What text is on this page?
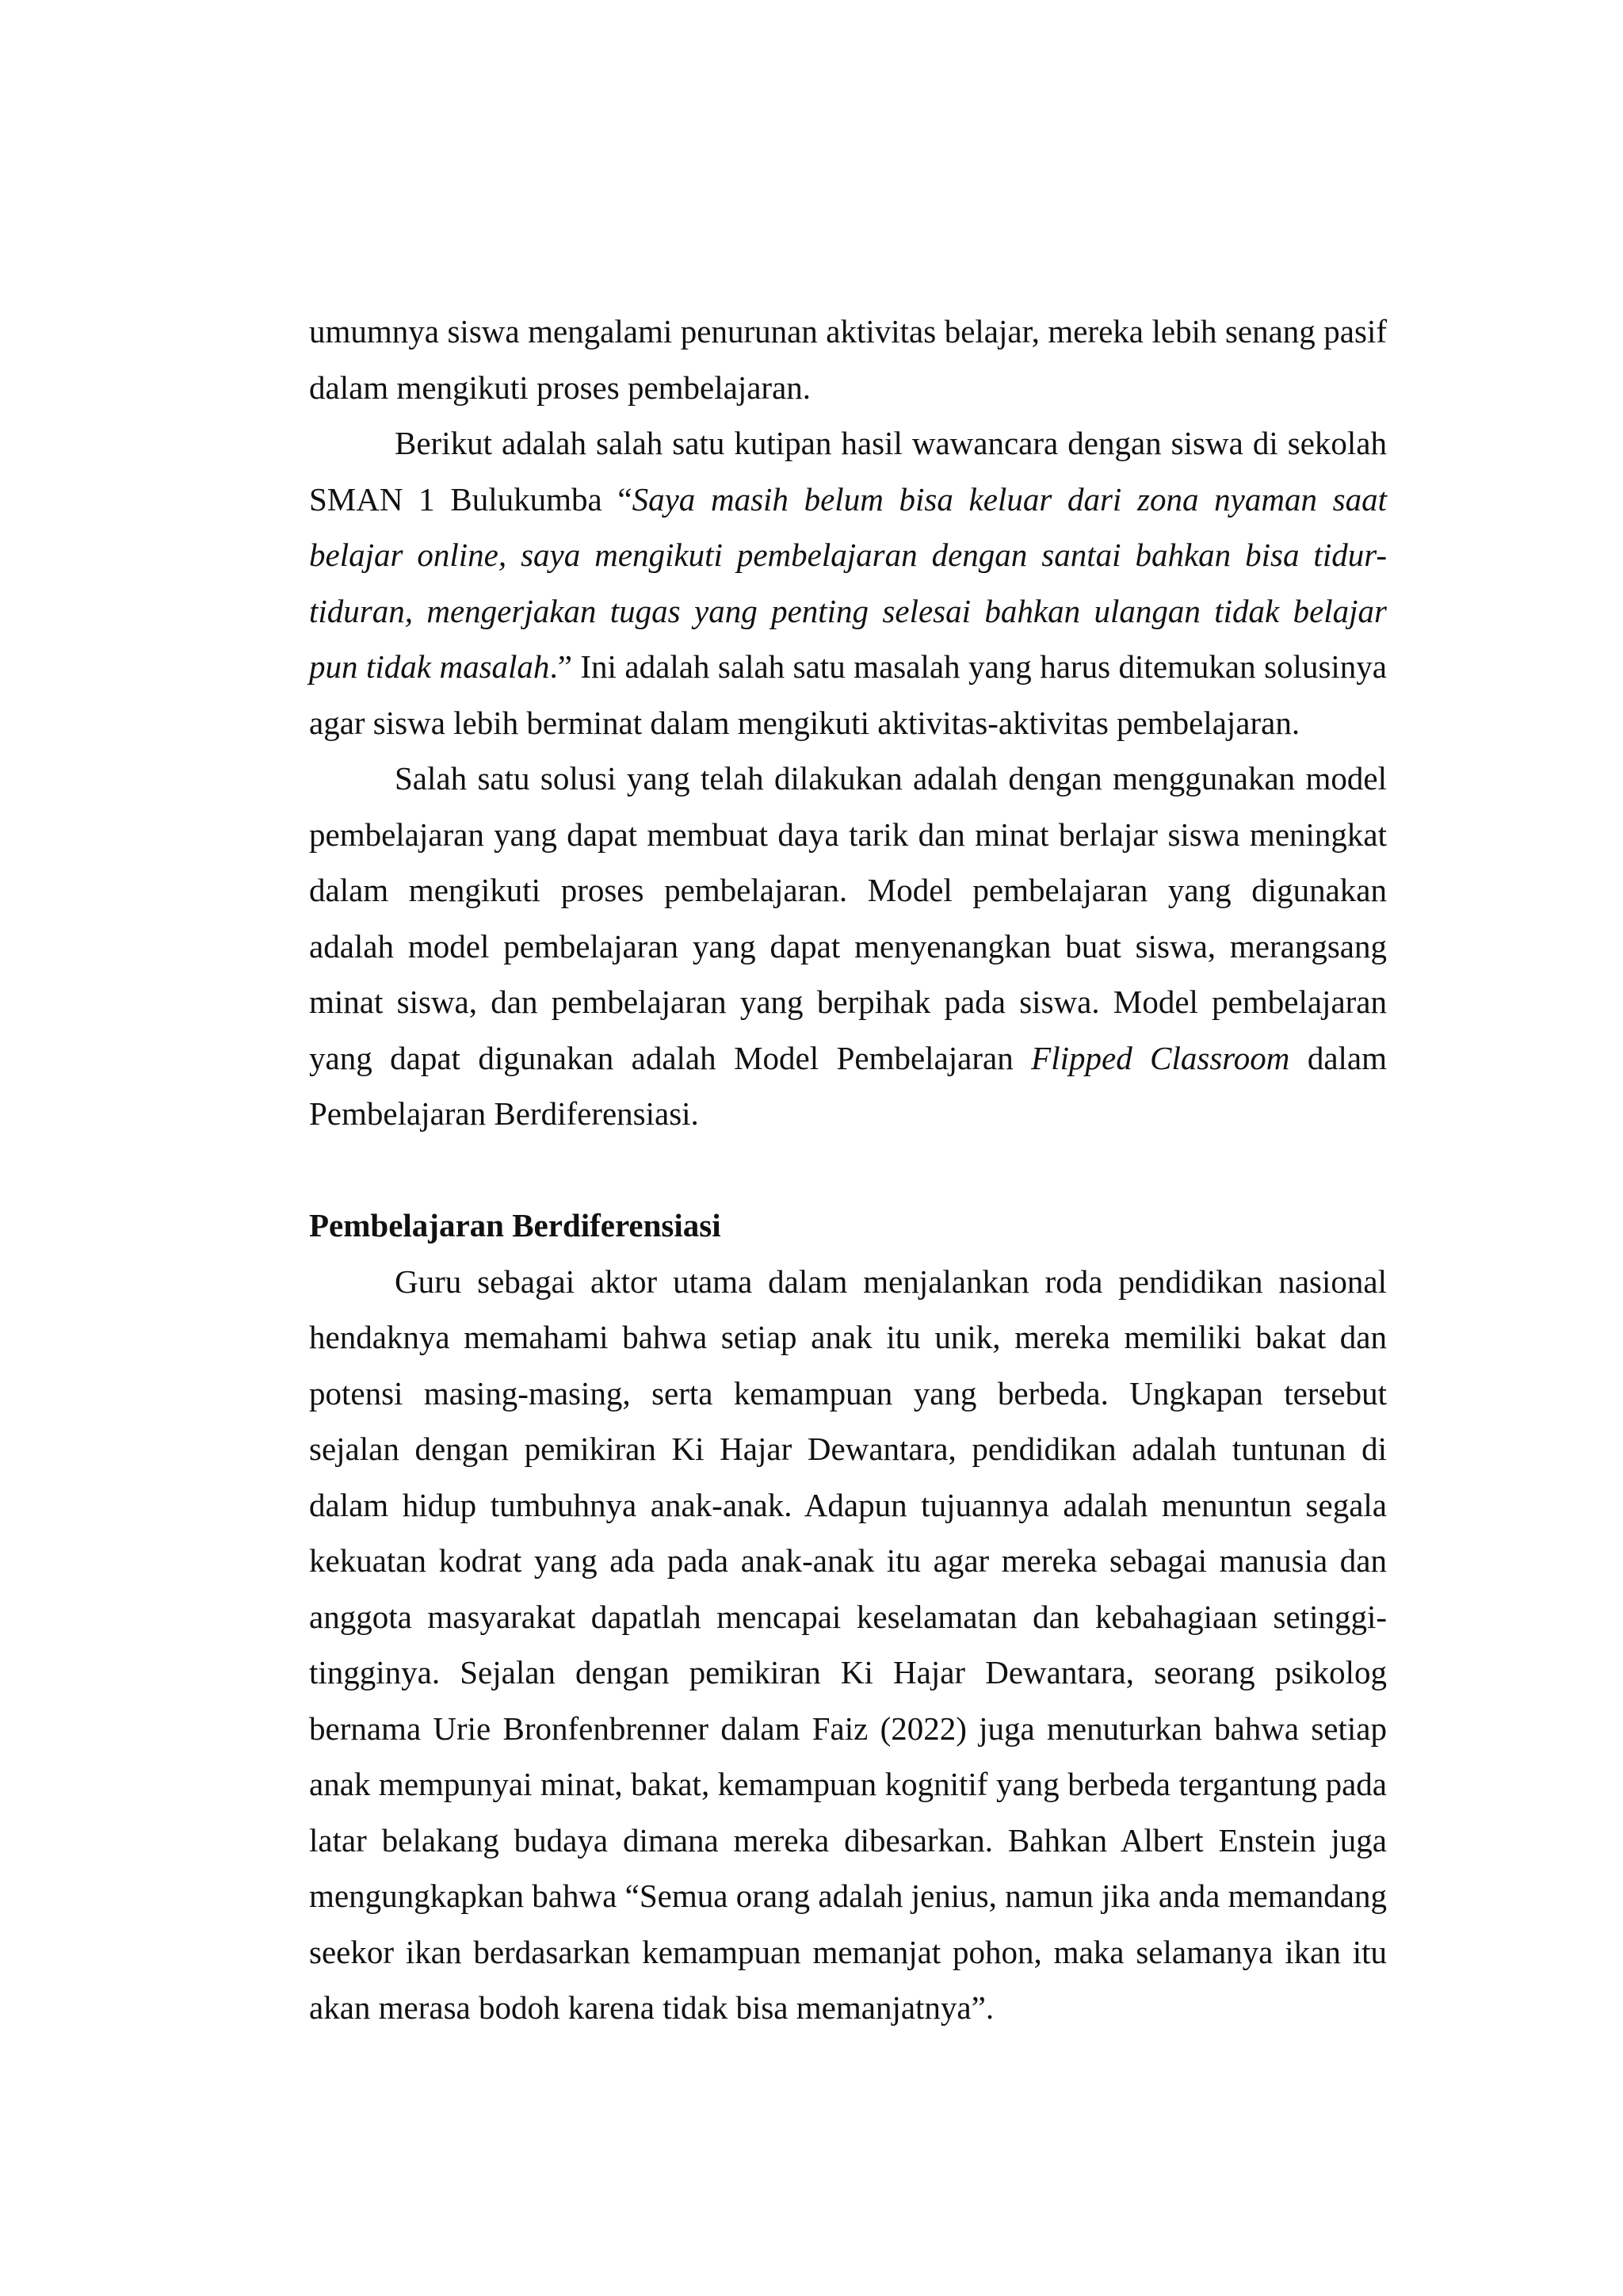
umumnya siswa mengalami penurunan aktivitas belajar, mereka lebih senang pasif
dalam mengikuti proses pembelajaran.
Berikut adalah salah satu kutipan hasil wawancara dengan siswa di sekolah
SMAN 1 Bulukumba “Saya masih belum bisa keluar dari zona nyaman saat
belajar online, saya mengikuti pembelajaran dengan santai bahkan bisa tidur-
tiduran, mengerjakan tugas yang penting selesai bahkan ulangan tidak belajar
pun tidak masalah.” Ini adalah salah satu masalah yang harus ditemukan solusinya
agar siswa lebih berminat dalam mengikuti aktivitas-aktivitas pembelajaran.
Salah satu solusi yang telah dilakukan adalah dengan menggunakan model
pembelajaran yang dapat membuat daya tarik dan minat berlajar siswa meningkat
dalam mengikuti proses pembelajaran. Model pembelajaran yang digunakan
adalah model pembelajaran yang dapat menyenangkan buat siswa, merangsang
minat siswa, dan pembelajaran yang berpihak pada siswa. Model pembelajaran
yang dapat digunakan adalah Model Pembelajaran Flipped Classroom dalam
Pembelajaran Berdiferensiasi.
Pembelajaran Berdiferensiasi
Guru sebagai aktor utama dalam menjalankan roda pendidikan nasional
hendaknya memahami bahwa setiap anak itu unik, mereka memiliki bakat dan
potensi masing-masing, serta kemampuan yang berbeda. Ungkapan tersebut
sejalan dengan pemikiran Ki Hajar Dewantara, pendidikan adalah tuntunan di
dalam hidup tumbuhnya anak-anak. Adapun tujuannya adalah menuntun segala
kekuatan kodrat yang ada pada anak-anak itu agar mereka sebagai manusia dan
anggota masyarakat dapatlah mencapai keselamatan dan kebahagiaan setinggi-
tingginya. Sejalan dengan pemikiran Ki Hajar Dewantara, seorang psikolog
bernama Urie Bronfenbrenner dalam Faiz (2022) juga menuturkan bahwa setiap
anak mempunyai minat, bakat, kemampuan kognitif yang berbeda tergantung pada
latar belakang budaya dimana mereka dibesarkan. Bahkan Albert Enstein juga
mengungkapkan bahwa “Semua orang adalah jenius, namun jika anda memandang
seekor ikan berdasarkan kemampuan memanjat pohon, maka selamanya ikan itu
akan merasa bodoh karena tidak bisa memanjatnya”.
